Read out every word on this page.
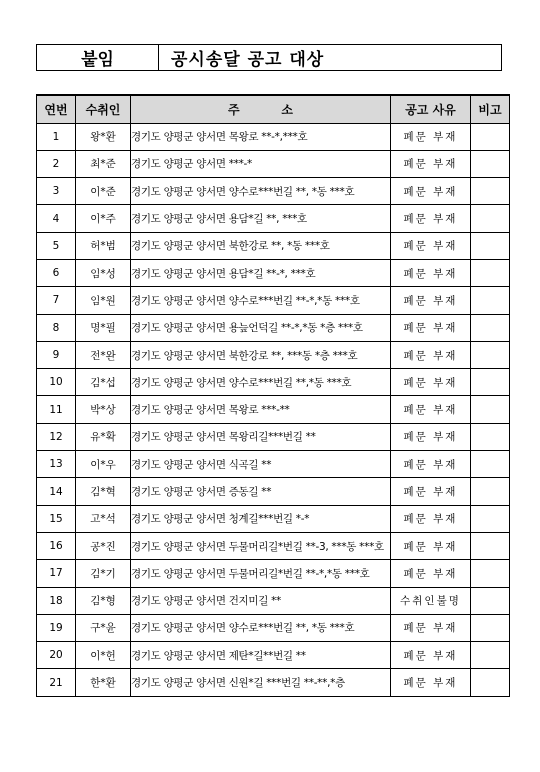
붙임	공시송달 공고 대상
연번	수취인	주          소	공고 사유	비고
1	왕*환	경기도 양평군 양서면 목왕로 **-*,***호	폐문 부재	
2	최*준	경기도 양평군 양서면 ***-*	폐문 부재	
3	이*준	경기도 양평군 양서면 양수로***번길 **, *동 ***호	폐문 부재	
4	이*주	경기도 양평군 양서면 용담*길 **, ***호	폐문 부재	
5	허*범	경기도 양평군 양서면 북한강로 **, *동 ***호	폐문 부재	
6	임*성	경기도 양평군 양서면 용담*길 **-*, ***호	폐문 부재	
7	임*원	경기도 양평군 양서면 양수로***번길 **-*,*동 ***호	폐문 부재	
8	명*필	경기도 양평군 양서면 용늪언덕길 **-*,*동 *층 ***호	폐문 부재	
9	전*완	경기도 양평군 양서면 북한강로 **, ***동 *층 ***호	폐문 부재	
10	김*섭	경기도 양평군 양서면 양수로***번길 **,*동 ***호	폐문 부재	
11	박*상	경기도 양평군 양서면 목왕로 ***-**	폐문 부재	
12	유*확	경기도 양평군 양서면 목왕리길***번길 **	폐문 부재	
13	이*우	경기도 양평군 양서면 식곡길 **	폐문 부재	
14	김*혁	경기도 양평군 양서면 증동길 **	폐문 부재	
15	고*석	경기도 양평군 양서면 청계길***번길 *-*	폐문 부재	
16	공*진	경기도 양평군 양서면 두물머리길*번길 **-3, ***동 ***호	폐문 부재	
17	김*기	경기도 양평군 양서면 두물머리길*번길 **-*,*동 ***호	폐문 부재	
18	김*형	경기도 양평군 양서면 건지미길 **	수취인불명	
19	구*윤	경기도 양평군 양서면 양수로***번길 **, *동 ***호	폐문 부재	
20	이*헌	경기도 양평군 양서면 제탄*길**번길 **	폐문 부재	
21	한*환	경기도 양평군 양서면 신원*길 ***번길 **-**,*층	폐문 부재	
